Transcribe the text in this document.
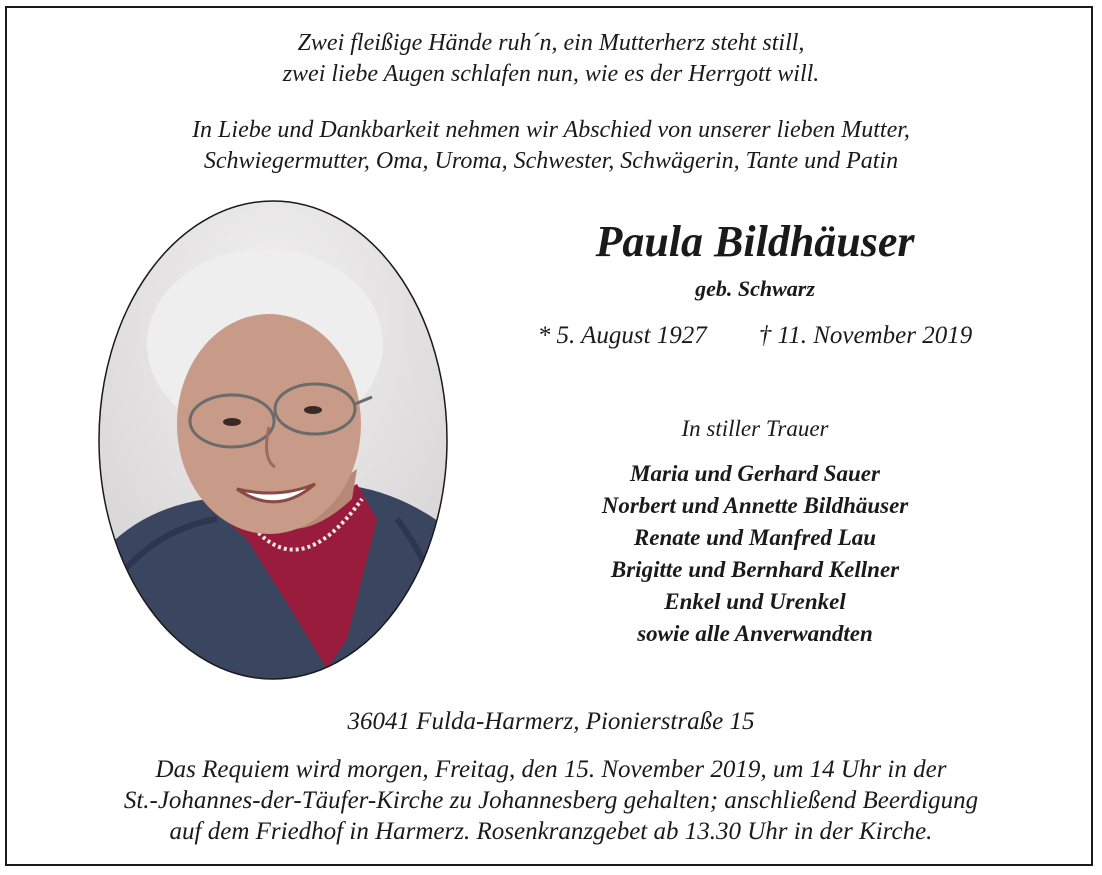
Zwei fleißige Hände ruh´n, ein Mutterherz steht still,
zwei liebe Augen schlafen nun, wie es der Herrgott will.
In Liebe und Dankbarkeit nehmen wir Abschied von unserer lieben Mutter,
Schwiegermutter, Oma, Uroma, Schwester, Schwägerin, Tante und Patin
Paula Bildhäuser
geb. Schwarz
* 5. August 1927 † 11. November 2019
In stiller Trauer
Maria und Gerhard Sauer
Norbert und Annette Bildhäuser
Renate und Manfred Lau
Brigitte und Bernhard Kellner
Enkel und Urenkel
sowie alle Anverwandten
36041 Fulda-Harmerz, Pionierstraße 15
Das Requiem wird morgen, Freitag, den 15. November 2019, um 14 Uhr in der
St.-Johannes-der-Täufer-Kirche zu Johannesberg gehalten; anschließend Beerdigung
auf dem Friedhof in Harmerz. Rosenkranzgebet ab 13.30 Uhr in der Kirche.
